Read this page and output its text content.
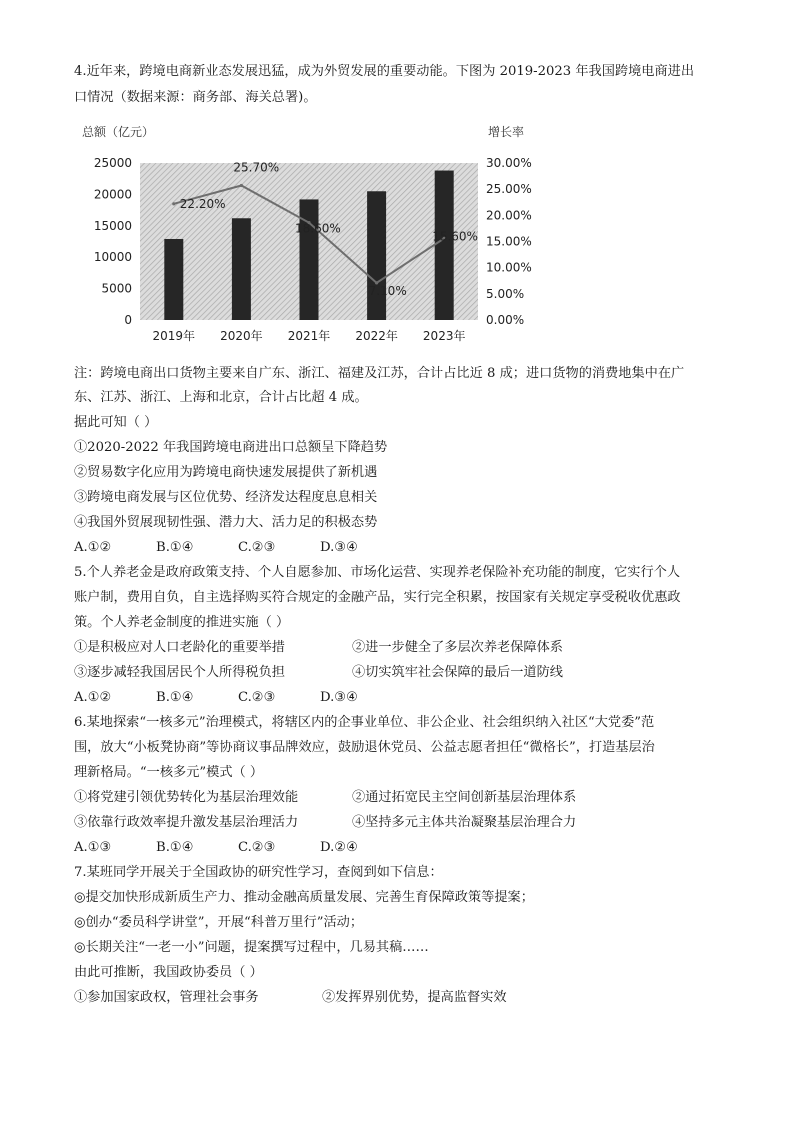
4.近年来，跨境电商新业态发展迅猛，成为外贸发展的重要动能。下图为 2019-2023 年我国跨境电商进出
口情况（数据来源：商务部、海关总署)。
总额（亿元）	增长率
0
5000
10000
15000
20000
25000
0.00%
5.00%
10.00%
15.00%
20.00%
25.00%
30.00%
22.20%
25.70%
18.60%
7.10%
15.60%
2019年 2020年 2021年 2022年 2023年
注：跨境电商出口货物主要来自广东、浙江、福建及江苏，合计占比近 8 成；进口货物的消费地集中在广
东、江苏、浙江、上海和北京，合计占比超 4 成。
据此可知（ ）
①2020-2022 年我国跨境电商进出口总额呈下降趋势
②贸易数字化应用为跨境电商快速发展提供了新机遇
③跨境电商发展与区位优势、经济发达程度息息相关
④我国外贸展现韧性强、潜力大、活力足的积极态势
A.①②	B.①④	C.②③	D.③④
5.个人养老金是政府政策支持、个人自愿参加、市场化运营、实现养老保险补充功能的制度，它实行个人
账户制，费用自负，自主选择购买符合规定的金融产品，实行完全积累，按国家有关规定享受税收优惠政
策。个人养老金制度的推进实施（ ）
①是积极应对人口老龄化的重要举措	②进一步健全了多层次养老保障体系
③逐步减轻我国居民个人所得税负担	④切实筑牢社会保障的最后一道防线
A.①②	B.①④	C.②③	D.③④
6.某地探索“一核多元”治理模式，将辖区内的企事业单位、非公企业、社会组织纳入社区“大党委”范
围，放大“小板凳协商”等协商议事品牌效应，鼓励退休党员、公益志愿者担任“微格长”，打造基层治
理新格局。“一核多元”模式（ ）
①将党建引领优势转化为基层治理效能	②通过拓宽民主空间创新基层治理体系
③依靠行政效率提升激发基层治理活力	④坚持多元主体共治凝聚基层治理合力
A.①③	B.①④	C.②③	D.②④
7.某班同学开展关于全国政协的研究性学习，查阅到如下信息：
◎提交加快形成新质生产力、推动金融高质量发展、完善生育保障政策等提案；
◎创办“委员科学讲堂”，开展“科普万里行”活动；
◎长期关注“一老一小”问题，提案撰写过程中，几易其稿……
由此可推断，我国政协委员（ ）
①参加国家政权，管理社会事务	②发挥界别优势，提高监督实效
